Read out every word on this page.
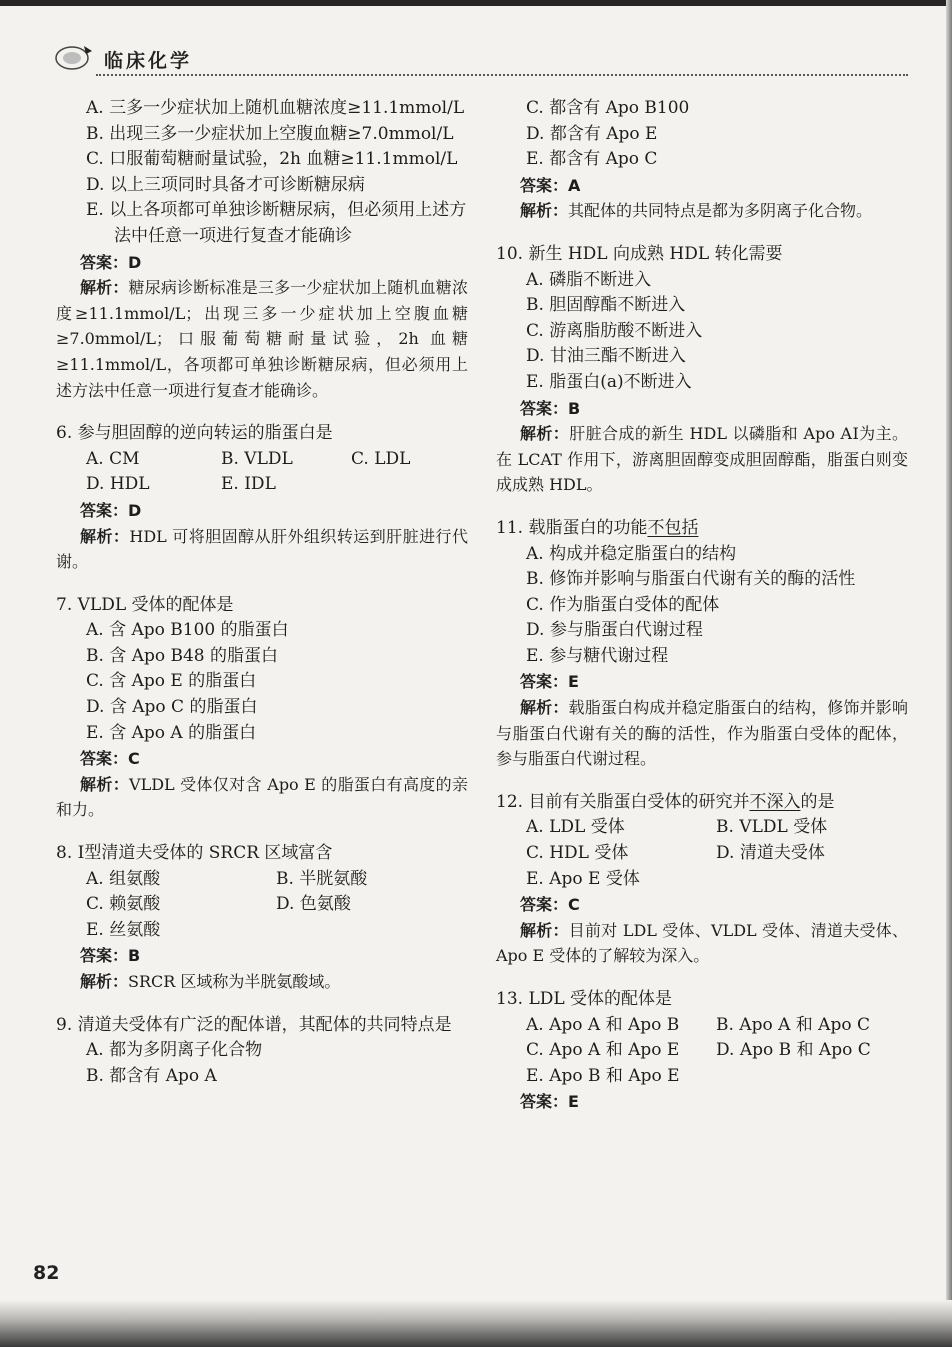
临床化学
A. 三多一少症状加上随机血糖浓度≥11.1mmol/L
B. 出现三多一少症状加上空腹血糖≥7.0mmol/L
C. 口服葡萄糖耐量试验，2h 血糖≥11.1mmol/L
D. 以上三项同时具备才可诊断糖尿病
E. 以上各项都可单独诊断糖尿病，但必须用上述方法中任意一项进行复查才能确诊
答案：D
解析：糖尿病诊断标准是三多一少症状加上随机血糖浓度≥11.1mmol/L；出现三多一少症状加上空腹血糖≥7.0mmol/L；口服葡萄糖耐量试验，2h 血糖≥11.1mmol/L，各项都可单独诊断糖尿病，但必须用上述方法中任意一项进行复查才能确诊。
6. 参与胆固醇的逆向转运的脂蛋白是
A. CM	B. VLDL	C. LDL
D. HDL	E. IDL
答案：D
解析：HDL 可将胆固醇从肝外组织转运到肝脏进行代谢。
7. VLDL 受体的配体是
A. 含 Apo B100 的脂蛋白
B. 含 Apo B48 的脂蛋白
C. 含 Apo E 的脂蛋白
D. 含 Apo C 的脂蛋白
E. 含 Apo A 的脂蛋白
答案：C
解析：VLDL 受体仅对含 Apo E 的脂蛋白有高度的亲和力。
8. Ⅰ型清道夫受体的 SRCR 区域富含
A. 组氨酸	B. 半胱氨酸
C. 赖氨酸	D. 色氨酸
E. 丝氨酸
答案：B
解析：SRCR 区域称为半胱氨酸域。
9. 清道夫受体有广泛的配体谱，其配体的共同特点是
A. 都为多阴离子化合物
B. 都含有 Apo A
C. 都含有 Apo B100
D. 都含有 Apo E
E. 都含有 Apo C
答案：A
解析：其配体的共同特点是都为多阴离子化合物。
10. 新生 HDL 向成熟 HDL 转化需要
A. 磷脂不断进入
B. 胆固醇酯不断进入
C. 游离脂肪酸不断进入
D. 甘油三酯不断进入
E. 脂蛋白(a)不断进入
答案：B
解析：肝脏合成的新生 HDL 以磷脂和 Apo AⅠ为主。在 LCAT 作用下，游离胆固醇变成胆固醇酯，脂蛋白则变成成熟 HDL。
11. 载脂蛋白的功能不包括
A. 构成并稳定脂蛋白的结构
B. 修饰并影响与脂蛋白代谢有关的酶的活性
C. 作为脂蛋白受体的配体
D. 参与脂蛋白代谢过程
E. 参与糖代谢过程
答案：E
解析：载脂蛋白构成并稳定脂蛋白的结构，修饰并影响与脂蛋白代谢有关的酶的活性，作为脂蛋白受体的配体，参与脂蛋白代谢过程。
12. 目前有关脂蛋白受体的研究并不深入的是
A. LDL 受体	B. VLDL 受体
C. HDL 受体	D. 清道夫受体
E. Apo E 受体
答案：C
解析：目前对 LDL 受体、VLDL 受体、清道夫受体、Apo E 受体的了解较为深入。
13. LDL 受体的配体是
A. Apo A 和 Apo B	B. Apo A 和 Apo C
C. Apo A 和 Apo E	D. Apo B 和 Apo C
E. Apo B 和 Apo E
答案：E
82
